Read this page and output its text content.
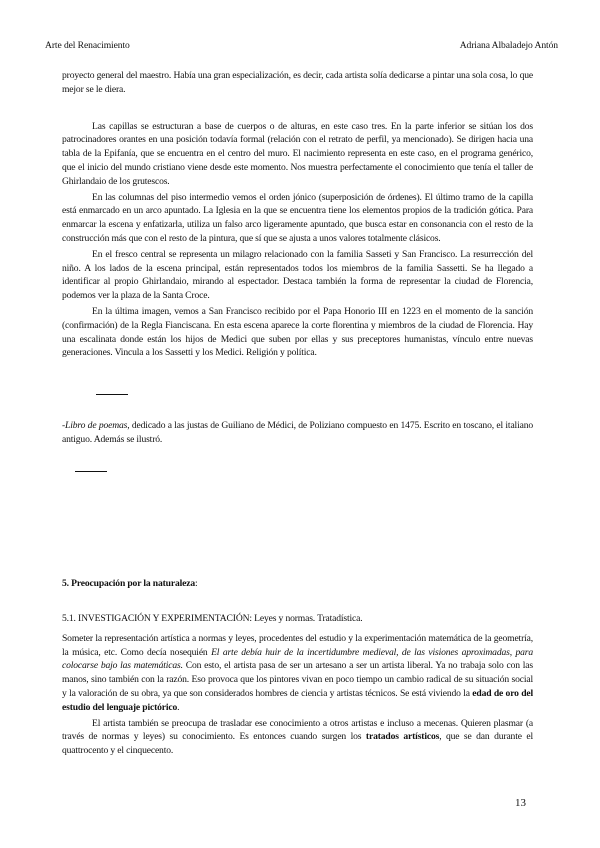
Arte del Renacimiento	Adriana Albaladejo Antón

proyecto general del maestro. Había una gran especialización, es decir, cada artista solía dedicarse a pintar una sola cosa, lo que mejor se le diera.

Las capillas se estructuran a base de cuerpos o de alturas, en este caso tres. En la parte inferior se sitúan los dos patrocinadores orantes en una posición todavía formal (relación con el retrato de perfil, ya mencionado). Se dirigen hacia una tabla de la Epifanía, que se encuentra en el centro del muro. El nacimiento representa en este caso, en el programa genérico, que el inicio del mundo cristiano viene desde este momento. Nos muestra perfectamente el conocimiento que tenía el taller de Ghirlandaio de los grutescos.

En las columnas del piso intermedio vemos el orden jónico (superposición de órdenes). El último tramo de la capilla está enmarcado en un arco apuntado. La Iglesia en la que se encuentra tiene los elementos propios de la tradición gótica. Para enmarcar la escena y enfatizarla, utiliza un falso arco ligeramente apuntado, que busca estar en consonancia con el resto de la construcción más que con el resto de la pintura, que sí que se ajusta a unos valores totalmente clásicos.

En el fresco central se representa un milagro relacionado con la familia Sasseti y San Francisco. La resurrección del niño. A los lados de la escena principal, están representados todos los miembros de la familia Sassetti. Se ha llegado a identificar al propio Ghirlandaio, mirando al espectador. Destaca también la forma de representar la ciudad de Florencia, podemos ver la plaza de la Santa Croce.

En la última imagen, vemos a San Francisco recibido por el Papa Honorio III en 1223 en el momento de la sanción (confirmación) de la Regla Fianciscana. En esta escena aparece la corte florentina y miembros de la ciudad de Florencia. Hay una escalinata donde están los hijos de Medici que suben por ellas y sus preceptores humanistas, vínculo entre nuevas generaciones. Vincula a los Sassetti y los Medici. Religión y política.

-Libro de poemas, dedicado a las justas de Guiliano de Médici, de Poliziano compuesto en 1475. Escrito en toscano, el italiano antiguo. Además se ilustró.

5. Preocupación por la naturaleza:

5.1. INVESTIGACIÓN Y EXPERIMENTACIÓN: Leyes y normas. Tratadística.

Someter la representación artística a normas y leyes, procedentes del estudio y la experimentación matemática de la geometría, la música, etc. Como decía nosequién El arte debía huir de la incertidumbre medieval, de las visiones aproximadas, para colocarse bajo las matemáticas. Con esto, el artista pasa de ser un artesano a ser un artista liberal. Ya no trabaja solo con las manos, sino también con la razón. Eso provoca que los pintores vivan en poco tiempo un cambio radical de su situación social y la valoración de su obra, ya que son considerados hombres de ciencia y artistas técnicos. Se está viviendo la edad de oro del estudio del lenguaje pictórico.

El artista también se preocupa de trasladar ese conocimiento a otros artistas e incluso a mecenas. Quieren plasmar (a través de normas y leyes) su conocimiento. Es entonces cuando surgen los tratados artísticos, que se dan durante el quattrocento y el cinquecento.

13
